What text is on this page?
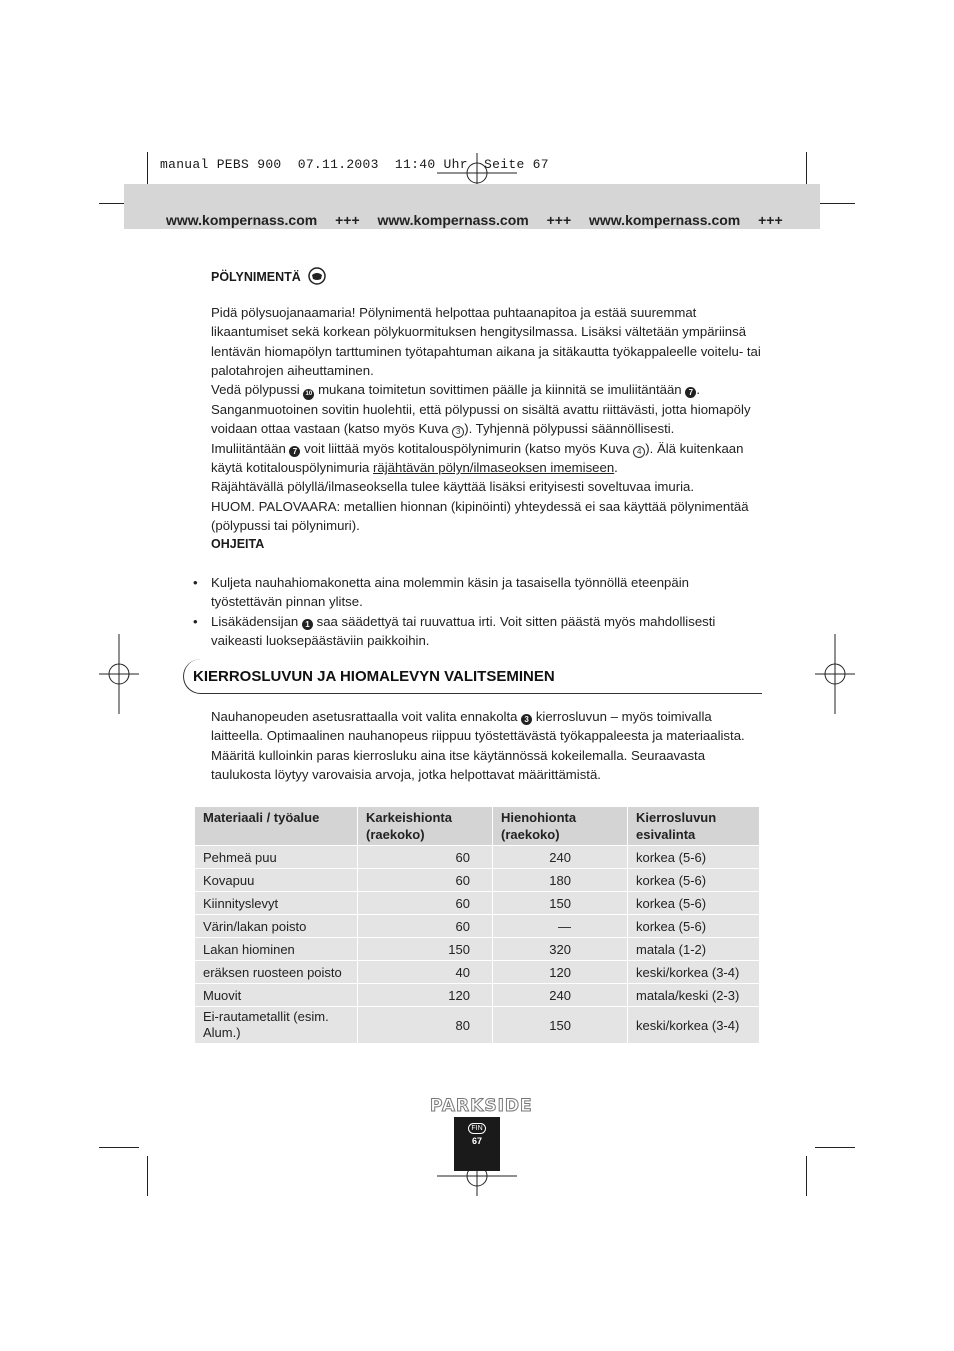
manual PEBS 900  07.11.2003  11:40 Uhr  Seite 67
www.kompernass.com +++ www.kompernass.com +++ www.kompernass.com +++
PÖLYNIMENTÄ

Pidä pölysuojanaamaria! Pölynimentä helpottaa puhtaanapitoa ja estää suuremmat likaantumiset sekä korkean pölykuormituksen hengitysilmassa. Lisäksi vältetään ympäriinsä lentävän hiomapölyn tarttuminen työtapahtuman aikana ja sitäkautta työkappaleelle voitelu- tai palotahrojen aiheuttaminen.

Vedä pölypussi 10 mukana toimitetun sovittimen päälle ja kiinnitä se imuliitäntään 7 .

Sanganmuotoinen sovitin huolehtii, että pölypussi on sisältä avattu riittävästi, jotta hiomapöly voidaan ottaa vastaan (katso myös Kuva 3 ). Tyhjennä pölypussi säännöllisesti.

Imuliitäntään 7 voit liittää myös kotitalouspölynimurin (katso myös Kuva 4 ). Älä kuitenkaan käytä kotitalouspölynimuria räjähtävän pölyn/ilmaseoksen imemiseen.

Räjähtävällä pölyllä/ilmaseoksella tulee käyttää lisäksi erityisesti soveltuvaa imuria.

HUOM. PALOVAARA: metallien hionnan (kipinöinti) yhteydessä ei saa käyttää pölynimentää (pölypussi tai pölynimuri).

OHJEITA
• Kuljeta nauhahiomakonetta aina molemmin käsin ja tasaisella työnnöllä eteenpäin työstettävän pinnan ylitse.
• Lisäkädensijan 1 saa säädettyä tai ruuvattua irti. Voit sitten päästä myös mahdollisesti vaikeasti luoksepäästäviin paikkoihin.
KIERROSLUVUN JA HIOMALEVYN VALITSEMINEN

Nauhanopeuden asetusrattaalla voit valita ennakolta 3 kierrosluvun – myös toimivalla laitteella. Optimaalinen nauhanopeus riippuu työstettävästä työkappaleesta ja materiaalista. Määritä kulloinkin paras kierrosluku aina itse käytännössä kokeilemalla. Seuraavasta taulukosta löytyy varovaisia arvoja, jotka helpottavat määrittämistä.

Materiaali / työalue	Karkeishionta (raekoko)	Hienohionta (raekoko)	Kierrosluvun esivalinta
Pehmeä puu	60	240	korkea (5-6)
Kovapuu	60	180	korkea (5-6)
Kiinnityslevyt	60	150	korkea (5-6)
Värin/lakan poisto	60	—	korkea (5-6)
Lakan hiominen	150	320	matala (1-2)
eräksen ruosteen poisto	40	120	keski/korkea (3-4)
Muovit	120	240	matala/keski (2-3)
Ei-rautametallit (esim. Alum.)	80	150	keski/korkea (3-4)
PARKSIDE
FIN
67
